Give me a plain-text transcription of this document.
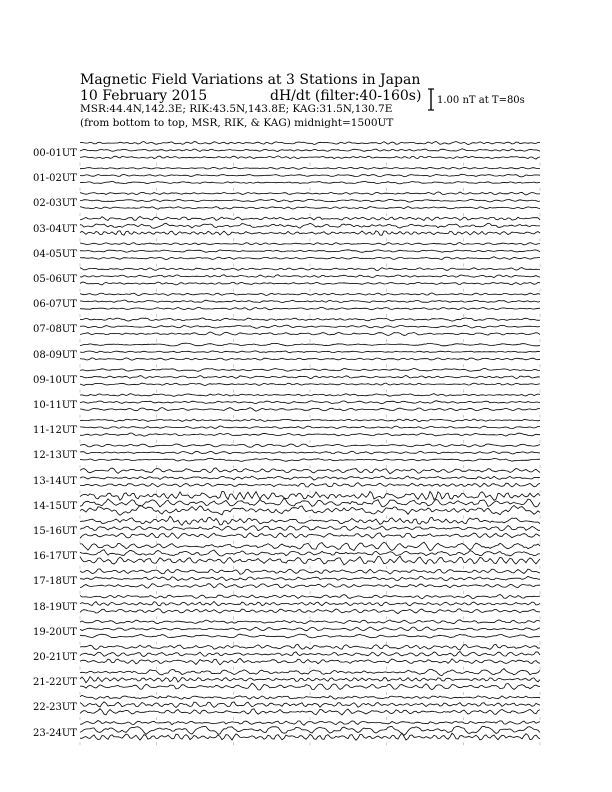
Magnetic Field Variations at 3 Stations in Japan
10 February 2015	dH/dt (filter:40-160s)
MSR:44.4N,142.3E; RIK:43.5N,143.8E; KAG:31.5N,130.7E
(from bottom to top, MSR, RIK, & KAG) midnight=1500UT
1.00 nT at T=80s
00-01UT
01-02UT
02-03UT
03-04UT
04-05UT
05-06UT
06-07UT
07-08UT
08-09UT
09-10UT
10-11UT
11-12UT
12-13UT
13-14UT
14-15UT
15-16UT
16-17UT
17-18UT
18-19UT
19-20UT
20-21UT
21-22UT
22-23UT
23-24UT
